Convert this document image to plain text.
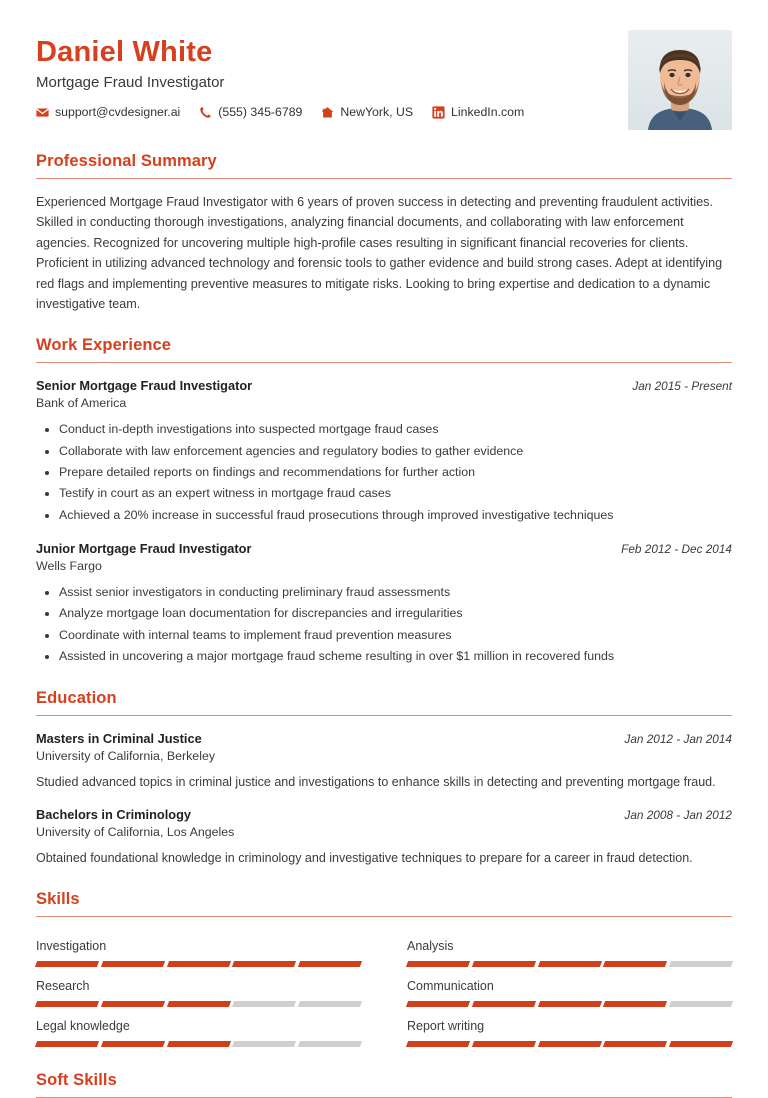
Daniel White
Mortgage Fraud Investigator
support@cvdesigner.ai	(555) 345-6789	NewYork, US	LinkedIn.com
Professional Summary

Experienced Mortgage Fraud Investigator with 6 years of proven success in detecting and preventing fraudulent activities. Skilled in conducting thorough investigations, analyzing financial documents, and collaborating with law enforcement agencies. Recognized for uncovering multiple high-profile cases resulting in significant financial recoveries for clients. Proficient in utilizing advanced technology and forensic tools to gather evidence and build strong cases. Adept at identifying red flags and implementing preventive measures to mitigate risks. Looking to bring expertise and dedication to a dynamic investigative team.

Work Experience
Senior Mortgage Fraud Investigator	Jan 2015 - Present
Bank of America
• Conduct in-depth investigations into suspected mortgage fraud cases
• Collaborate with law enforcement agencies and regulatory bodies to gather evidence
• Prepare detailed reports on findings and recommendations for further action
• Testify in court as an expert witness in mortgage fraud cases
• Achieved a 20% increase in successful fraud prosecutions through improved investigative techniques
Junior Mortgage Fraud Investigator	Feb 2012 - Dec 2014
Wells Fargo
• Assist senior investigators in conducting preliminary fraud assessments
• Analyze mortgage loan documentation for discrepancies and irregularities
• Coordinate with internal teams to implement fraud prevention measures
• Assisted in uncovering a major mortgage fraud scheme resulting in over $1 million in recovered funds
Education
Masters in Criminal Justice	Jan 2012 - Jan 2014
University of California, Berkeley

Studied advanced topics in criminal justice and investigations to enhance skills in detecting and preventing mortgage fraud.

Bachelors in Criminology	Jan 2008 - Jan 2012
University of California, Los Angeles

Obtained foundational knowledge in criminology and investigative techniques to prepare for a career in fraud detection.

Skills
Investigation	Analysis
Research	Communication
Legal knowledge	Report writing
Soft Skills
